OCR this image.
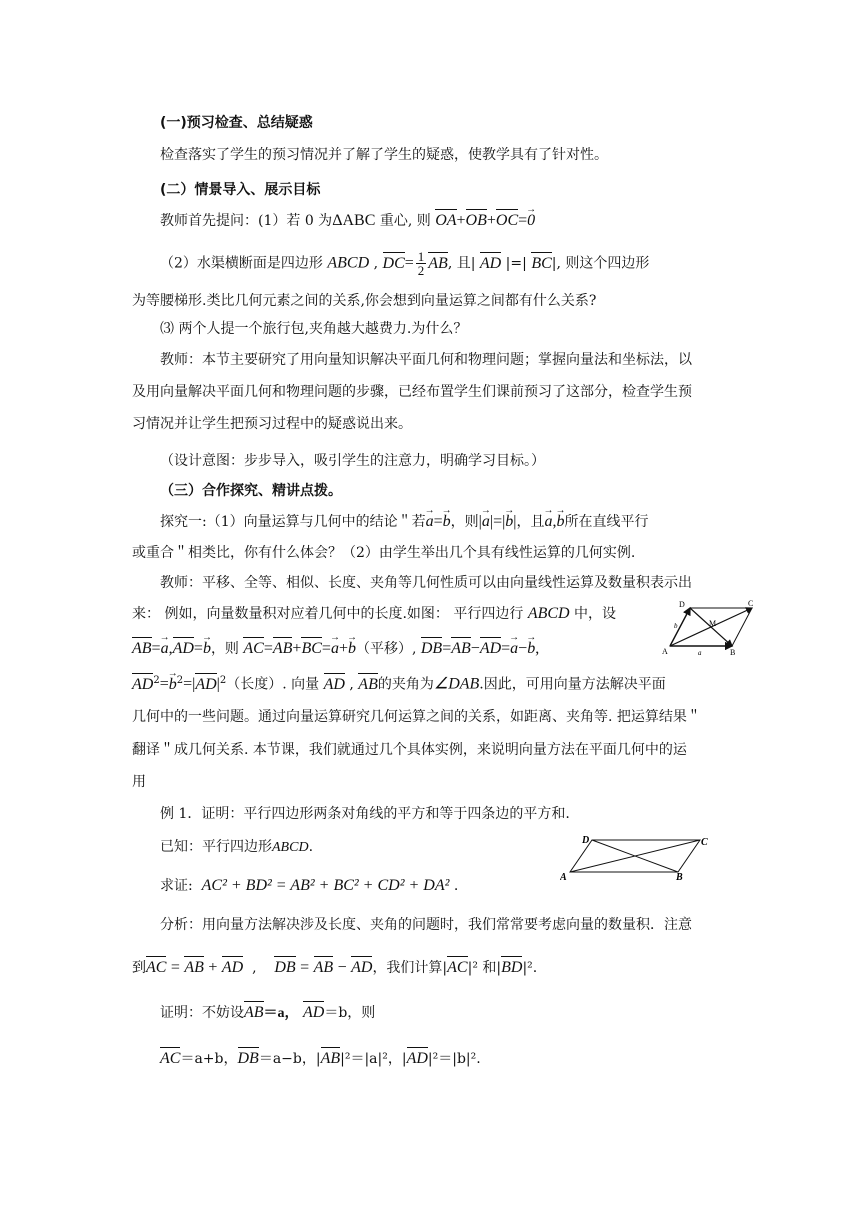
(一)预习检查、总结疑惑
检查落实了学生的预习情况并了解了学生的疑惑，使教学具有了针对性。
(二）情景导入、展示目标
教师首先提问：(1）若 0 为ΔABC 重心, 则 OA+OB+OC=→ 0
（2）水渠横断面是四边形 ABCD , $DC= \frac{1}{2}$ AB, 且| AD |=| BC|, 则这个四边形
为等腰梯形.类比几何元素之间的关系,你会想到向量运算之间都有什么关系?
⑶ 两个人提一个旅行包,夹角越大越费力.为什么？
教师：本节主要研究了用向量知识解决平面几何和物理问题；掌握向量法和坐标法，以
及用向量解决平面几何和物理问题的步骤，已经布置学生们课前预习了这部分，检查学生预
习情况并让学生把预习过程中的疑惑说出来。
（设计意图：步步导入，吸引学生的注意力，明确学习目标。）
（三）合作探究、精讲点拨。
探究一:（1）向量运算与几何中的结论＂若→ a=→ b，则|→ a|=|→ b|，且→ a,→ b所在直线平行
或重合＂相类比，你有什么体会？（2）由学生举出几个具有线性运算的几何实例.
教师：平移、全等、相似、长度、夹角等几何性质可以由向量线性运算及数量积表示出
来： 例如，向量数量积对应着几何中的长度.如图： 平行四边行 ABCD 中，设
AB=→ a,AD=→ b，则 AC=AB+BC=→ a+→ b（平移）, DB=AB−AD=→ a−→ b,
$AD^2=\to b^2=|AD|^2$（长度）. 向量 AD , AB的夹角为∠DAB.因此，可用向量方法解决平面
几何中的一些问题。通过向量运算研究几何运算之间的关系，如距离、夹角等. 把运算结果＂
翻译＂成几何关系. 本节课，我们就通过几个具体实例，来说明向量方法在平面几何中的运
用
D	C
A	B
M
b
a
例 1．证明：平行四边形两条对角线的平方和等于四条边的平方和.
已知：平行四边形ABCD.
求证: AC² + BD² = AB² + BC² + CD² + DA² .
D	C
A	B
分析：用向量方法解决涉及长度、夹角的问题时，我们常常要考虑向量的数量积．注意
到AC = AB + AD  ,    DB = AB − AD，我们计算|AC|² 和|BD|².
证明：不妨设AB＝a， AD＝b，则
AC＝a+b，DB＝a−b，|AB|²＝|a|²，|AD|²＝|b|².
